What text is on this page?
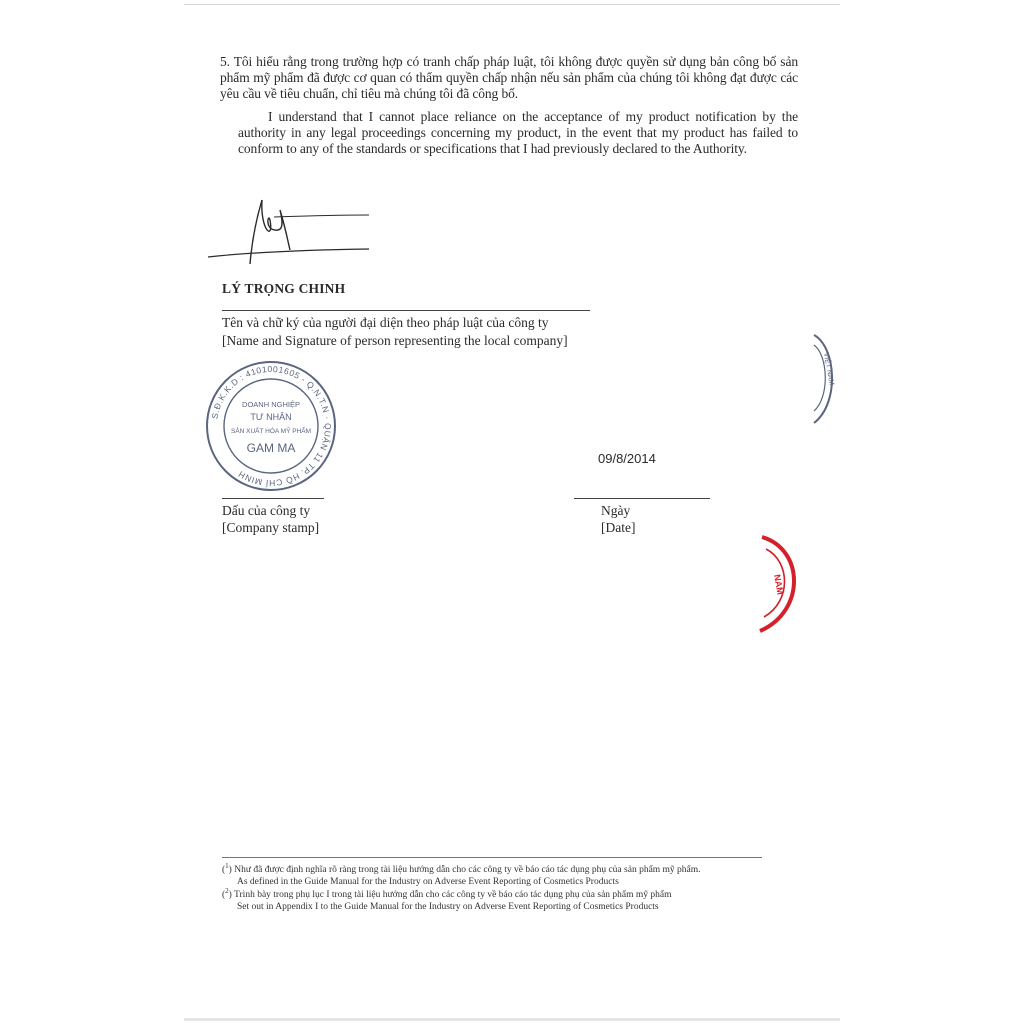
5. Tôi hiểu rằng trong trường hợp có tranh chấp pháp luật, tôi không được quyền sử dụng bản công bố sản phẩm mỹ phẩm đã được cơ quan có thẩm quyền chấp nhận nếu sản phẩm của chúng tôi không đạt được các yêu cầu về tiêu chuẩn, chỉ tiêu mà chúng tôi đã công bố.
I understand that I cannot place reliance on the acceptance of my product notification by the authority in any legal proceedings concerning my product, in the event that my product has failed to conform to any of the standards or specifications that I had previously declared to the Authority.
LÝ TRỌNG CHINH
Tên và chữ ký của người đại diện theo pháp luật của công ty
[Name and Signature of person representing the local company]
S.Đ.K.K.D : 4101001605 - Q.N.T.N · QUẬN 11 TP. HỒ CHÍ MINH
DOANH NGHIỆP
TƯ NHÂN
SẢN XUẤT HÓA MỸ PHẨM
GAM MA
Dấu của công ty
[Company stamp]
09/8/2014
Ngày
[Date]
VIỆT NAM
NAM
($^1$) Như đã được định nghĩa rõ ràng trong tài liệu hướng dẫn cho các công ty về báo cáo tác dụng phụ của sản phẩm mỹ phẩm.
As defined in the Guide Manual for the Industry on Adverse Event Reporting of Cosmetics Products
($^2$) Trình bày trong phụ lục I trong tài liệu hướng dẫn cho các công ty về báo cáo tác dụng phụ của sản phẩm mỹ phẩm
Set out in Appendix I to the Guide Manual for the Industry on Adverse Event Reporting of Cosmetics Products
